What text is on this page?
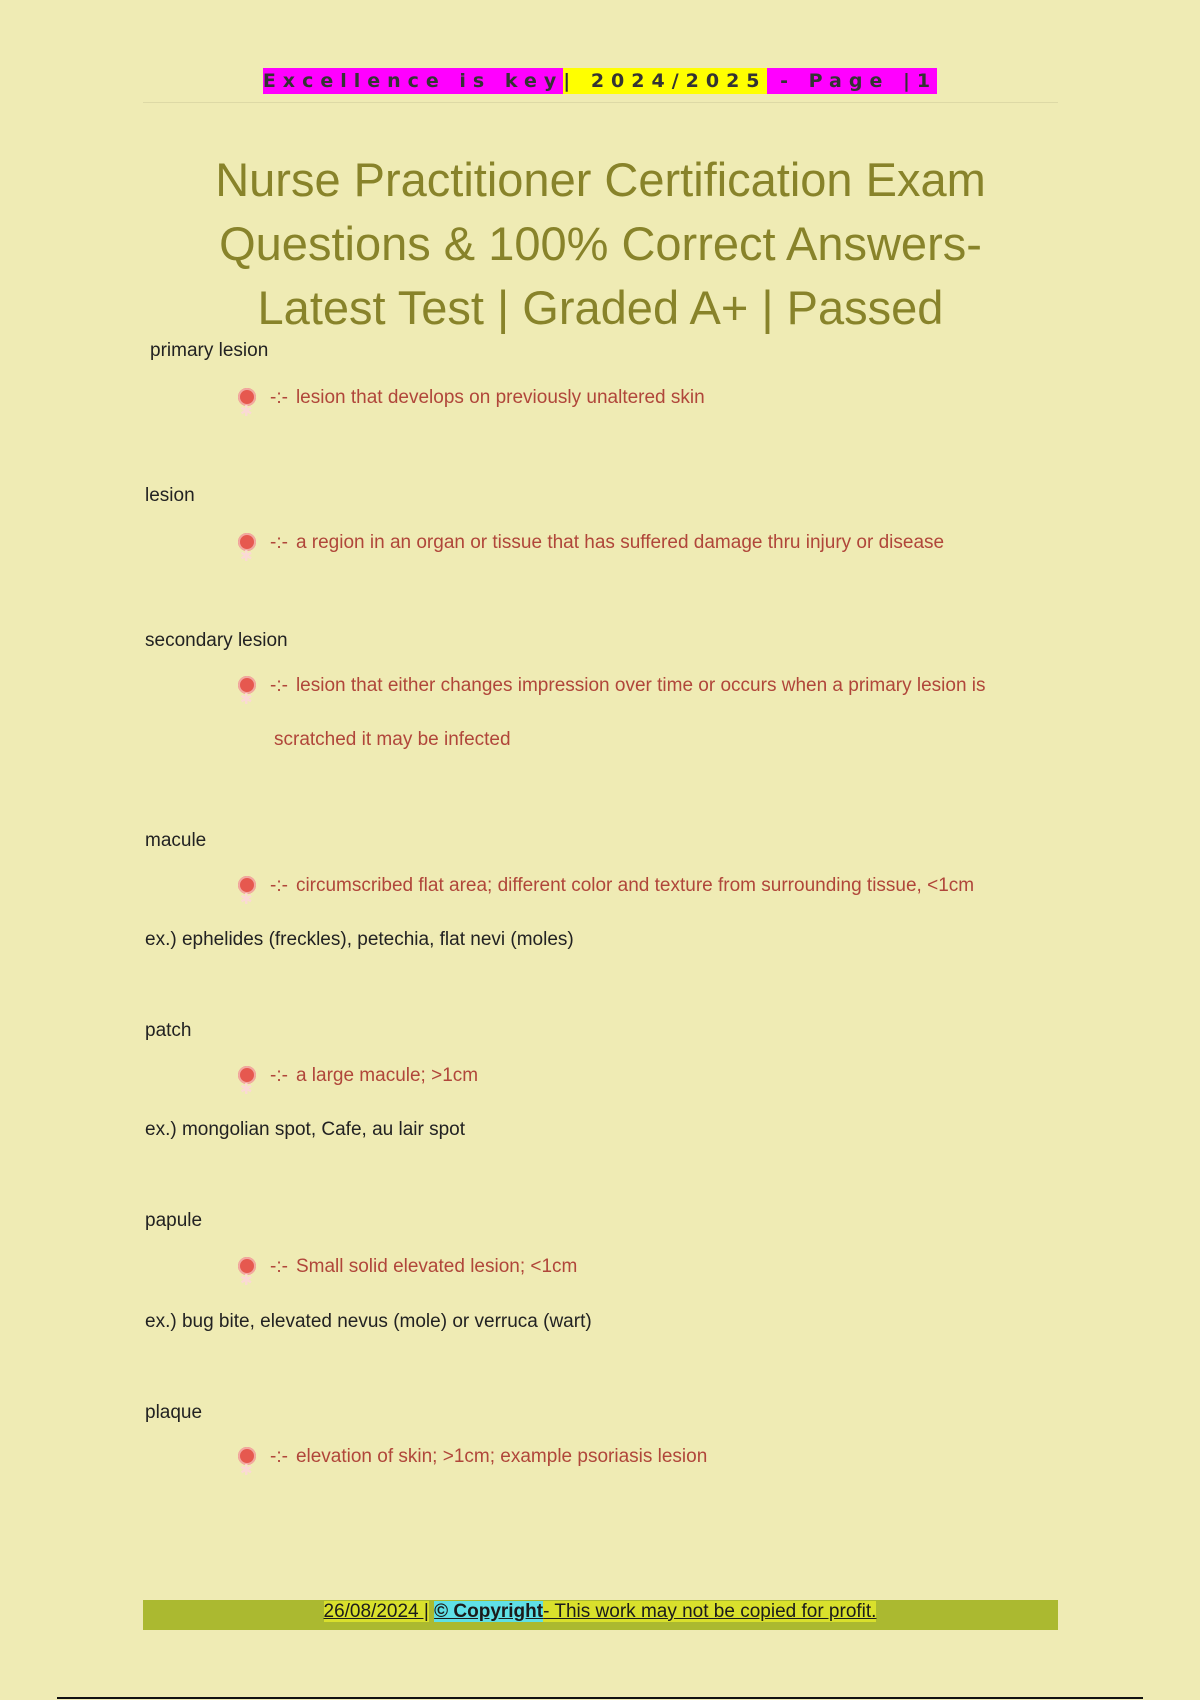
Excellence is key| 2024/2025 - Page |1
Nurse Practitioner Certification Exam
Questions & 100% Correct Answers-
Latest Test | Graded A+ | Passed
primary lesion
✱-:- lesion that develops on previously unaltered skin
lesion
✱-:- a region in an organ or tissue that has suffered damage thru injury or disease
secondary lesion
✱-:- lesion that either changes impression over time or occurs when a primary lesion is
scratched it may be infected
macule
✱-:- circumscribed flat area; different color and texture from surrounding tissue, <1cm
ex.) ephelides (freckles), petechia, flat nevi (moles)
patch
✱-:- a large macule; >1cm
ex.) mongolian spot, Cafe, au lair spot
papule
✱-:- Small solid elevated lesion; <1cm
ex.) bug bite, elevated nevus (mole) or verruca (wart)
plaque
✱-:- elevation of skin; >1cm; example psoriasis lesion
26/08/2024 | © Copyright- This work may not be copied for profit.
